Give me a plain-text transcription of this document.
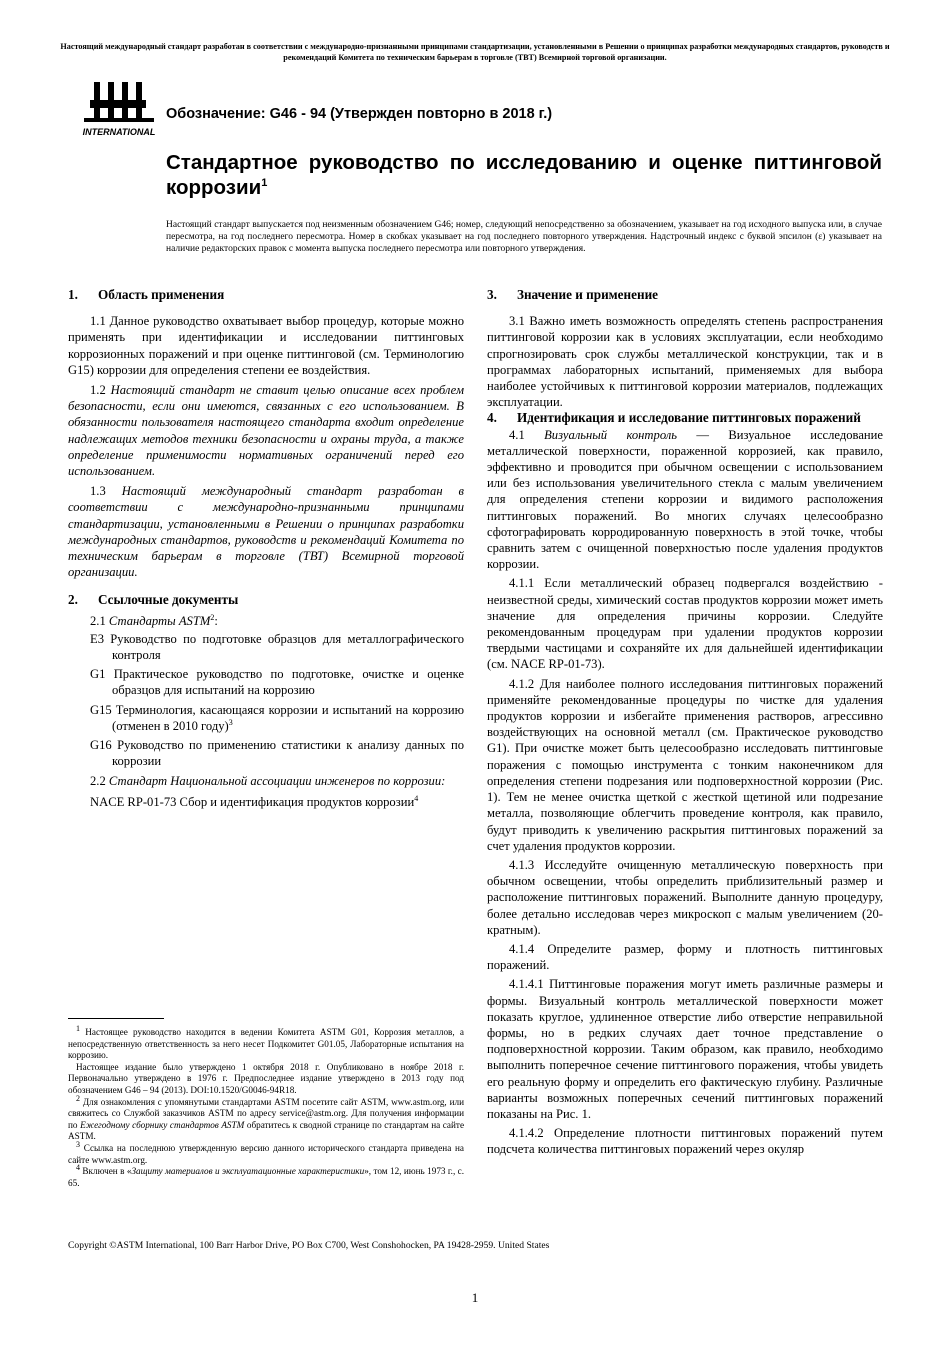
Настоящий международный стандарт разработан в соответствии с международно-признанными принципами стандартизации, установленными в Решении о принципах разработки международных стандартов, руководств и рекомендаций Комитета по техническим барьерам в торговле (ТВТ) Всемирной торговой организации.
INTERNATIONAL
Обозначение: G46 - 94 (Утвержден повторно в 2018 г.)
Стандартное руководство по исследованию и оценке питтинговой коррозии$^1$
Настоящий стандарт выпускается под неизменным обозначением G46; номер, следующий непосредственно за обозначением, указывает на год исходного выпуска или, в случае пересмотра, на год последнего пересмотра. Номер в скобках указывает на год последнего повторного утверждения. Надстрочный индекс с буквой эпсилон (ε) указывает на наличие редакторских правок с момента выпуска последнего пересмотра или повторного утверждения.

1. Область применения

1.1 Данное руководство охватывает выбор процедур, которые можно применять при идентификации и исследовании питтинговых коррозионных поражений и при оценке питтинговой (см. Терминологию G15) коррозии для определения степени ее воздействия.

1.2 Настоящий стандарт не ставит целью описание всех проблем безопасности, если они имеются, связанных с его использованием. В обязанности пользователя настоящего стандарта входит определение надлежащих методов техники безопасности и охраны труда, а также определение применимости нормативных ограничений перед его использованием.

1.3 Настоящий международный стандарт разработан в соответствии с международно-признанными принципами стандартизации, установленными в Решении о принципах разработки международных стандартов, руководств и рекомендаций Комитета по техническим барьерам в торговле (ТВТ) Всемирной торговой организации.

2. Ссылочные документы

2.1 Стандарты ASTM$^2$:

E3 Руководство по подготовке образцов для металлографического контроля

G1 Практическое руководство по подготовке, очистке и оценке образцов для испытаний на коррозию

G15 Терминология, касающаяся коррозии и испытаний на коррозию (отменен в 2010 году)$^3$

G16 Руководство по применению статистики к анализу данных по коррозии

2.2 Стандарт Национальной ассоциации инженеров по коррозии:

NACE RP-01-73 Сбор и идентификация продуктов коррозии$^4$

$^1$ Настоящее руководство находится в ведении Комитета ASTM G01, Коррозия металлов, а непосредственную ответственность за него несет Подкомитет G01.05, Лабораторные испытания на коррозию.

Настоящее издание было утверждено 1 октября 2018 г. Опубликовано в ноябре 2018 г. Первоначально утверждено в 1976 г. Предпоследнее издание утверждено в 2013 году под обозначением G46 – 94 (2013). DOI:10.1520/G0046-94R18.

$^2$ Для ознакомления с упомянутыми стандартами ASTM посетите сайт ASTM, www.astm.org, или свяжитесь со Службой заказчиков ASTM по адресу service@astm.org. Для получения информации по Ежегодному сборнику стандартов ASTM обратитесь к сводной странице по стандартам на сайте ASTM.

$^3$ Ссылка на последнюю утвержденную версию данного исторического стандарта приведена на сайте www.astm.org.

$^4$ Включен в «Защиту материалов и эксплуатационные характеристики», том 12, июнь 1973 г., с. 65.

3. Значение и применение

3.1 Важно иметь возможность определять степень распространения питтинговой коррозии как в условиях эксплуатации, если необходимо спрогнозировать срок службы металлической конструкции, так и в программах лабораторных испытаний, применяемых для выбора наиболее устойчивых к питтинговой коррозии материалов, подлежащих эксплуатации.

4.	Идентификация и исследование питтинговых поражений

4.1 Визуальный контроль — Визуальное исследование металлической поверхности, пораженной коррозией, как правило, эффективно и проводится при обычном освещении с использованием или без использования увеличительного стекла с малым увеличением для определения степени коррозии и видимого расположения питтинговых поражений. Во многих случаях целесообразно сфотографировать корродированную поверхность в этой точке, чтобы сравнить затем с очищенной поверхностью после удаления продуктов коррозии.

4.1.1 Если металлический образец подвергался воздействию - неизвестной среды, химический состав продуктов коррозии может иметь значение для определения причины коррозии. Следуйте рекомендованным процедурам при удалении продуктов коррозии твердыми частицами и сохраняйте их для дальнейшей идентификации (см. NACE RP-01-73).

4.1.2 Для наиболее полного исследования питтинговых поражений применяйте рекомендованные процедуры по чистке для удаления продуктов коррозии и избегайте применения растворов, агрессивно воздействующих на основной металл (см. Практическое руководство G1). При очистке может быть целесообразно исследовать питтинговые поражения с помощью инструмента с тонким наконечником для определения степени подрезания или подповерхностной коррозии (Рис. 1). Тем не менее очистка щеткой с жесткой щетиной или подрезание металла, позволяющие облегчить проведение контроля, как правило, будут приводить к увеличению раскрытия питтинговых поражений за счет удаления продуктов коррозии.

4.1.3 Исследуйте очищенную металлическую поверхность при обычном освещении, чтобы определить приблизительный размер и расположение питтинговых поражений. Выполните данную процедуру, более детально исследовав через микроскоп с малым увеличением (20-кратным).

4.1.4 Определите размер, форму и плотность питтинговых поражений.

4.1.4.1 Питтинговые поражения могут иметь различные размеры и формы. Визуальный контроль металлической поверхности может показать круглое, удлиненное отверстие либо отверстие неправильной формы, но в редких случаях дает точное представление о подповерхностной коррозии. Таким образом, как правило, необходимо выполнить поперечное сечение питтингового поражения, чтобы увидеть его реальную форму и определить его фактическую глубину. Различные варианты возможных поперечных сечений питтинговых поражений показаны на Рис. 1.

4.1.4.2 Определение плотности питтинговых поражений путем подсчета количества питтинговых поражений через окуляр

Copyright ©ASTM International, 100 Barr Harbor Drive, PO Box C700, West Conshohocken, PA 19428-2959. United States
1
